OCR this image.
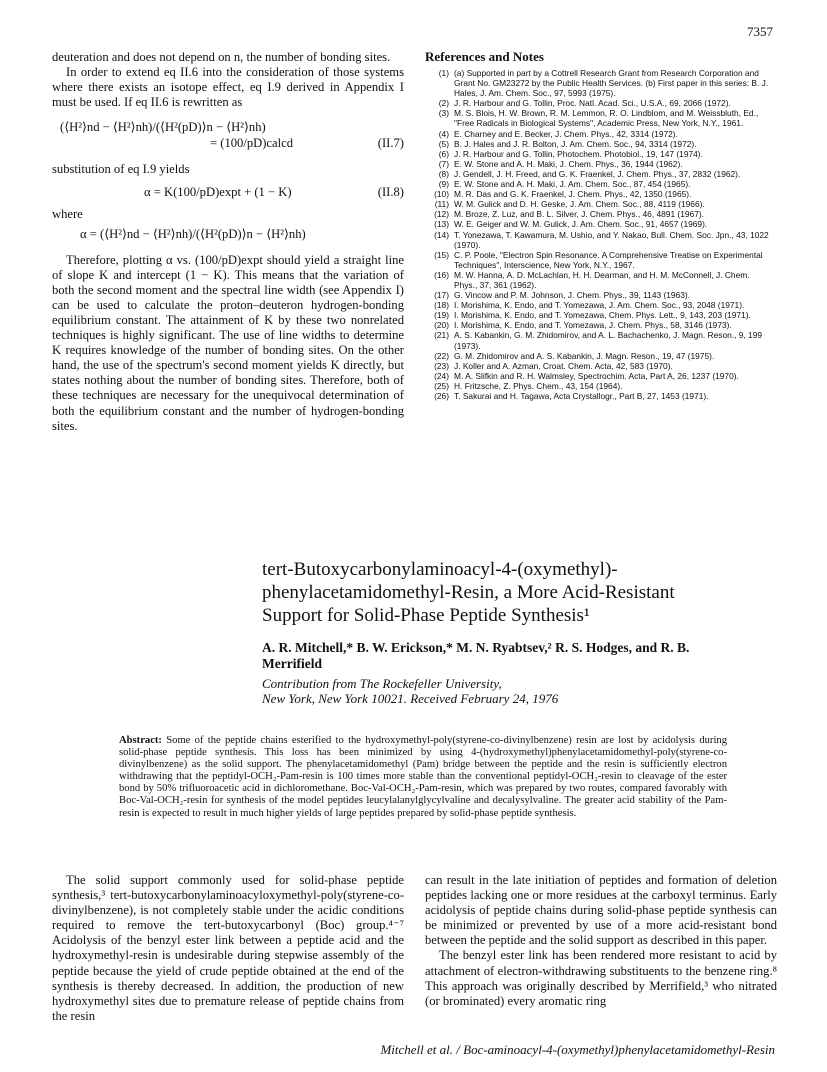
7357

deuteration and does not depend on n, the number of bonding sites.

In order to extend eq II.6 into the consideration of those systems where there exists an isotope effect, eq I.9 derived in Appendix I must be used. If eq II.6 is rewritten as

(⟨H²⟩nd − ⟨H²⟩nh)/(⟨H²(pD)⟩n − ⟨H²⟩nh)
= (100/pD)calcd	(II.7)

substitution of eq I.9 yields

α = K(100/pD)expt + (1 − K)	(II.8)

where

α = (⟨H²⟩nd − ⟨H²⟩nh)/(⟨H²(pD)⟩n − ⟨H²⟩nh)

Therefore, plotting α vs. (100/pD)expt should yield a straight line of slope K and intercept (1 − K). This means that the variation of both the second moment and the spectral line width (see Appendix I) can be used to calculate the proton–deuteron hydrogen-bonding equilibrium constant. The attainment of K by these two nonrelated techniques is highly significant. The use of line widths to determine K requires knowledge of the number of bonding sites. On the other hand, the use of the spectrum's second moment yields K directly, but states nothing about the number of bonding sites. Therefore, both of these techniques are necessary for the unequivocal determination of both the equilibrium constant and the number of hydrogen-bonding sites.

References and Notes
(1) (a) Supported in part by a Cottrell Research Grant from Research Corporation and Grant No. GM23272 by the Public Health Services. (b) First paper in this series: B. J. Hales, J. Am. Chem. Soc., 97, 5993 (1975).
(2) J. R. Harbour and G. Tollin, Proc. Natl. Acad. Sci., U.S.A., 69, 2066 (1972).
(3) M. S. Blois, H. W. Brown, R. M. Lemmon, R. O. Lindblom, and M. Weissbluth, Ed., "Free Radicals in Biological Systems", Academic Press, New York, N.Y., 1961.
(4) E. Charney and E. Becker, J. Chem. Phys., 42, 3314 (1972).
(5) B. J. Hales and J. R. Bolton, J. Am. Chem. Soc., 94, 3314 (1972).
(6) J. R. Harbour and G. Tollin, Photochem. Photobiol., 19, 147 (1974).
(7) E. W. Stone and A. H. Maki, J. Chem. Phys., 36, 1944 (1962).
(8) J. Gendell, J. H. Freed, and G. K. Fraenkel, J. Chem. Phys., 37, 2832 (1962).
(9) E. W. Stone and A. H. Maki, J. Am. Chem. Soc., 87, 454 (1965).
(10) M. R. Das and G. K. Fraenkel, J. Chem. Phys., 42, 1350 (1965).
(11) W. M. Gulick and D. H. Geske, J. Am. Chem. Soc., 88, 4119 (1966).
(12) M. Broze, Z. Luz, and B. L. Silver, J. Chem. Phys., 46, 4891 (1967).
(13) W. E. Geiger and W. M. Gulick, J. Am. Chem. Soc., 91, 4657 (1969).
(14) T. Yonezawa, T. Kawamura, M. Ushio, and Y. Nakao, Bull. Chem. Soc. Jpn., 43, 1022 (1970).
(15) C. P. Poole, "Electron Spin Resonance. A Comprehensive Treatise on Experimental Techniques", Interscience, New York, N.Y., 1967.
(16) M. W. Hanna, A. D. McLachlan, H. H. Dearman, and H. M. McConnell, J. Chem. Phys., 37, 361 (1962).
(17) G. Vincow and P. M. Johnson, J. Chem. Phys., 39, 1143 (1963).
(18) I. Morishima, K. Endo, and T. Yomezawa, J. Am. Chem. Soc., 93, 2048 (1971).
(19) I. Morishima, K. Endo, and T. Yomezawa, Chem. Phys. Lett., 9, 143, 203 (1971).
(20) I. Morishima, K. Endo, and T. Yomezawa, J. Chem. Phys., 58, 3146 (1973).
(21) A. S. Kabankin, G. M. Zhidomirov, and A. L. Bachachenko, J. Magn. Reson., 9, 199 (1973).
(22) G. M. Zhidomirov and A. S. Kabankin, J. Magn. Reson., 19, 47 (1975).
(23) J. Koller and A. Azman, Croat. Chem. Acta, 42, 583 (1970).
(24) M. A. Slifkin and R. H. Walmsley, Spectrochim. Acta, Part A, 26, 1237 (1970).
(25) H. Fritzsche, Z. Phys. Chem., 43, 154 (1964).
(26) T. Sakurai and H. Tagawa, Acta Crystallogr., Part B, 27, 1453 (1971).
tert-Butoxycarbonylaminoacyl-4-(oxymethyl)-phenylacetamidomethyl-Resin, a More Acid-Resistant Support for Solid-Phase Peptide Synthesis¹
A. R. Mitchell,* B. W. Erickson,* M. N. Ryabtsev,² R. S. Hodges, and R. B. Merrifield
Contribution from The Rockefeller University,
New York, New York 10021. Received February 24, 1976
Abstract: Some of the peptide chains esterified to the hydroxymethyl-poly(styrene-co-divinylbenzene) resin are lost by acidolysis during solid-phase peptide synthesis. This loss has been minimized by using 4-(hydroxymethyl)phenylacetamidomethyl-poly(styrene-co-divinylbenzene) as the solid support. The phenylacetamidomethyl (Pam) bridge between the peptide and the resin is sufficiently electron withdrawing that the peptidyl-OCH₂-Pam-resin is 100 times more stable than the conventional peptidyl-OCH₂-resin to cleavage of the ester bond by 50% trifluoroacetic acid in dichloromethane. Boc-Val-OCH₂-Pam-resin, which was prepared by two routes, compared favorably with Boc-Val-OCH₂-resin for synthesis of the model peptides leucylalanylglycylvaline and decalysylvaline. The greater acid stability of the Pam-resin is expected to result in much higher yields of large peptides prepared by solid-phase peptide synthesis.

The solid support commonly used for solid-phase peptide synthesis,³ tert-butoxycarbonylaminoacyloxymethyl-poly(styrene-co-divinylbenzene), is not completely stable under the acidic conditions required to remove the tert-butoxycarbonyl (Boc) group.⁴⁻⁷ Acidolysis of the benzyl ester link between a peptide acid and the hydroxymethyl-resin is undesirable during stepwise assembly of the peptide because the yield of crude peptide obtained at the end of the synthesis is thereby decreased. In addition, the production of new hydroxymethyl sites due to premature release of peptide chains from the resin

can result in the late initiation of peptides and formation of deletion peptides lacking one or more residues at the carboxyl terminus. Early acidolysis of peptide chains during solid-phase peptide synthesis can be minimized or prevented by use of a more acid-resistant bond between the peptide and the solid support as described in this paper.

The benzyl ester link has been rendered more resistant to acid by attachment of electron-withdrawing substituents to the benzene ring.⁸ This approach was originally described by Merrifield,³ who nitrated (or brominated) every aromatic ring

Mitchell et al. / Boc-aminoacyl-4-(oxymethyl)phenylacetamidomethyl-Resin
